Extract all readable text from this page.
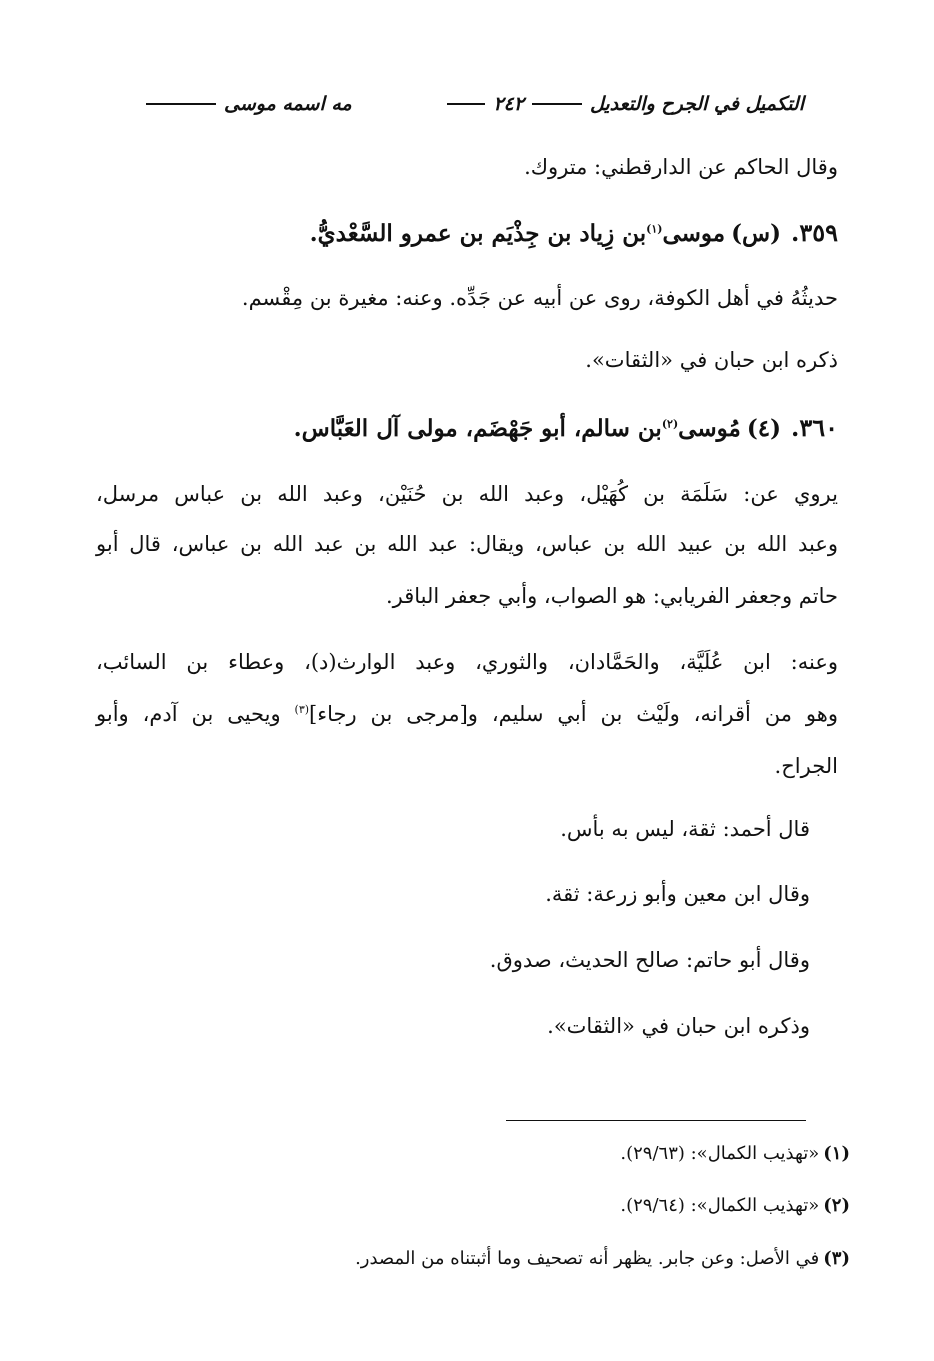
التكميل في الجرح والتعديل
٢٤٢
مه اسمه موسى
وقال الحاكم عن الدارقطني: متروك.
٣٥٩.(س)موسى$^{(١)}$بن زِياد بن جِذْيَم بن عمرو السَّعْديُّ.
حديثُهُ في أهل الكوفة، روى عن أبيه عن جَدِّه. وعنه: مغيرة بن مِقْسم.
ذكره ابن حبان في «الثقات».
٣٦٠.(٤)مُوسى$^{(٢)}$بن سالم، أبو جَهْضَم، مولى آل العَبَّاس.
يروي عن: سَلَمَة بن كُهَيْل، وعبد الله بن حُنَيْن، وعبد الله بن عباس مرسل،
وعبد الله بن عبيد الله بن عباس، ويقال: عبد الله بن عبد الله بن عباس، قال أبو
حاتم وجعفر الفريابي: هو الصواب، وأبي جعفر الباقر.
وعنه: ابن عُلَيَّة، والحَمَّادان، والثوري، وعبد الوارث(د)، وعطاء بن السائب،
وهو من أقرانه، ولَيْث بن أبي سليم، و[مرجى بن رجاء]$^{(٣)}$ ويحيى بن آدم، وأبو
الجراح.
قال أحمد: ثقة، ليس به بأس.
وقال ابن معين وأبو زرعة: ثقة.
وقال أبو حاتم: صالح الحديث، صدوق.
وذكره ابن حبان في «الثقات».
(١)«تهذيب الكمال»: (٢٩/٦٣).
(٢)«تهذيب الكمال»: (٢٩/٦٤).
(٣)في الأصل: وعن جابر. يظهر أنه تصحيف وما أثبتناه من المصدر.
